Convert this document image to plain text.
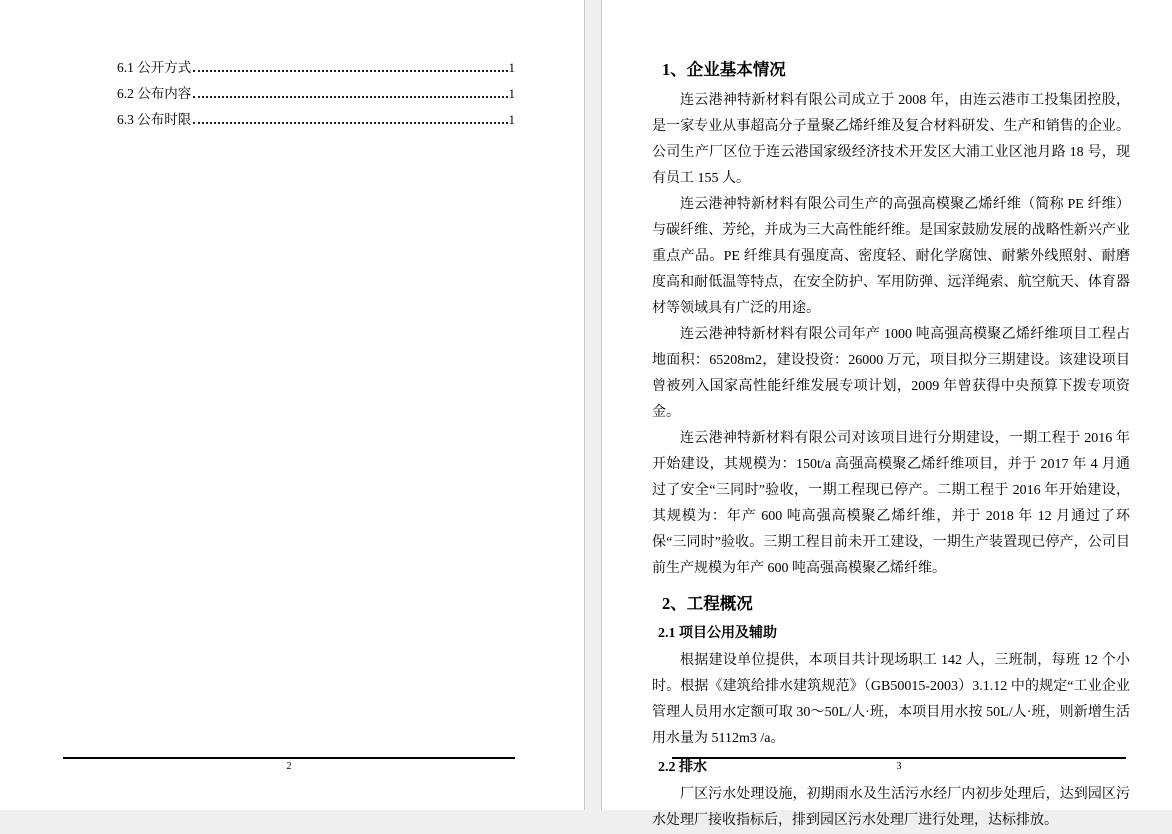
6.1 公开方式	1
6.2 公布内容	1
6.3 公布时限	1
2
1、企业基本情况

连云港神特新材料有限公司成立于 2008 年，由连云港市工投集团控股，是一家专业从事超高分子量聚乙烯纤维及复合材料研发、生产和销售的企业。公司生产厂区位于连云港国家级经济技术开发区大浦工业区池月路 18 号，现有员工 155 人。

连云港神特新材料有限公司生产的高强高模聚乙烯纤维（简称 PE 纤维）与碳纤维、芳纶，并成为三大高性能纤维。是国家鼓励发展的战略性新兴产业重点产品。PE 纤维具有强度高、密度轻、耐化学腐蚀、耐紫外线照射、耐磨度高和耐低温等特点，在安全防护、军用防弹、远洋绳索、航空航天、体育器材等领域具有广泛的用途。

连云港神特新材料有限公司年产 1000 吨高强高模聚乙烯纤维项目工程占地面积：65208m2，建设投资：26000 万元，项目拟分三期建设。该建设项目曾被列入国家高性能纤维发展专项计划，2009 年曾获得中央预算下拨专项资金。

连云港神特新材料有限公司对该项目进行分期建设，一期工程于 2016 年开始建设，其规模为：150t/a 高强高模聚乙烯纤维项目，并于 2017 年 4 月通过了安全“三同时”验收，一期工程现已停产。二期工程于 2016 年开始建设，其规模为：年产 600 吨高强高模聚乙烯纤维，并于 2018 年 12 月通过了环保“三同时”验收。三期工程目前未开工建设，一期生产装置现已停产，公司目前生产规模为年产 600 吨高强高模聚乙烯纤维。

2、工程概况
2.1 项目公用及辅助

根据建设单位提供，本项目共计现场职工 142 人，三班制，每班 12 个小时。根据《建筑给排水建筑规范》（GB50015-2003）3.1.12 中的规定“工业企业管理人员用水定额可取 30～50L/人·班，本项目用水按 50L/人·班，则新增生活用水量为 5112m3 /a。

2.2 排水

厂区污水处理设施，初期雨水及生活污水经厂内初步处理后，达到园区污水处理厂接收指标后，排到园区污水处理厂进行处理，达标排放。

3
